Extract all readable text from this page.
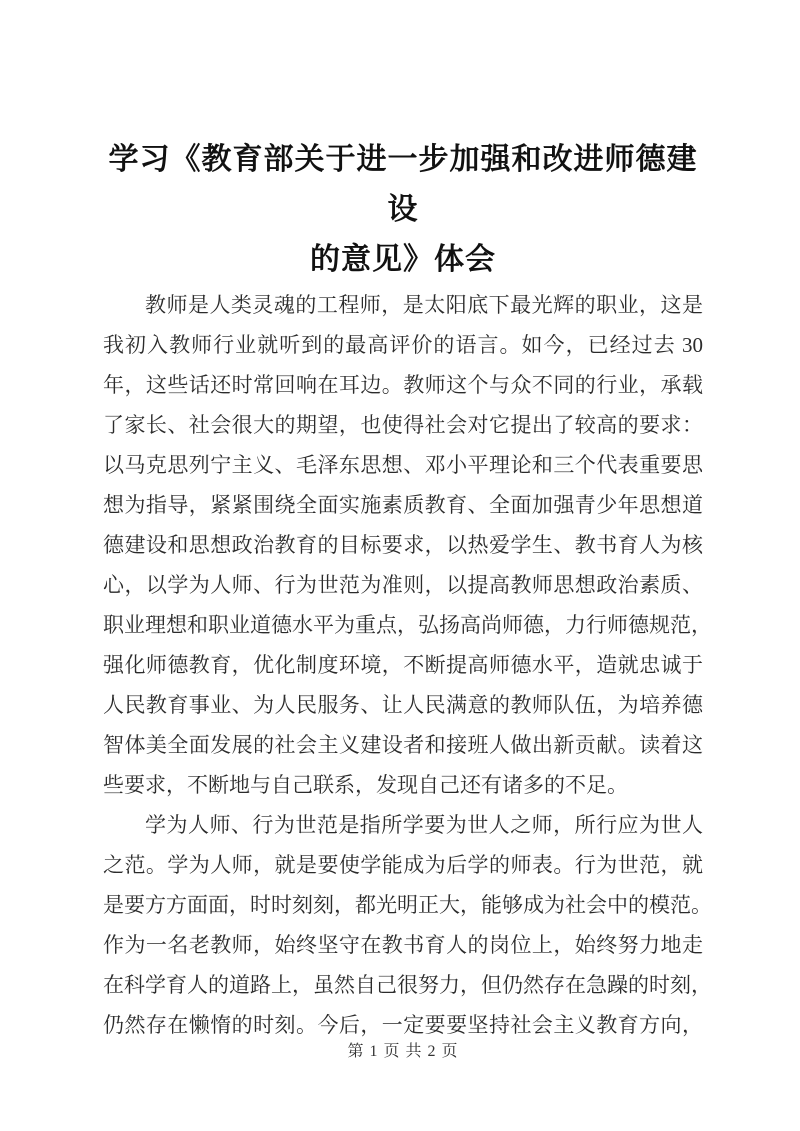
学习《教育部关于进一步加强和改进师德建设
的意见》体会
教师是人类灵魂的工程师，是太阳底下最光辉的职业，这是
我初入教师行业就听到的最高评价的语言。如今，已经过去 30
年，这些话还时常回响在耳边。教师这个与众不同的行业，承载
了家长、社会很大的期望，也使得社会对它提出了较高的要求：
以马克思列宁主义、毛泽东思想、邓小平理论和三个代表重要思
想为指导，紧紧围绕全面实施素质教育、全面加强青少年思想道
德建设和思想政治教育的目标要求，以热爱学生、教书育人为核
心，以学为人师、行为世范为准则，以提高教师思想政治素质、
职业理想和职业道德水平为重点，弘扬高尚师德，力行师德规范，
强化师德教育，优化制度环境，不断提高师德水平，造就忠诚于
人民教育事业、为人民服务、让人民满意的教师队伍，为培养德
智体美全面发展的社会主义建设者和接班人做出新贡献。读着这
些要求，不断地与自己联系，发现自己还有诸多的不足。
学为人师、行为世范是指所学要为世人之师，所行应为世人
之范。学为人师，就是要使学能成为后学的师表。行为世范，就
是要方方面面，时时刻刻，都光明正大，能够成为社会中的模范。
作为一名老教师，始终坚守在教书育人的岗位上，始终努力地走
在科学育人的道路上，虽然自己很努力，但仍然存在急躁的时刻，
仍然存在懒惰的时刻。今后，一定要要坚持社会主义教育方向，
第 1 页 共 2 页
